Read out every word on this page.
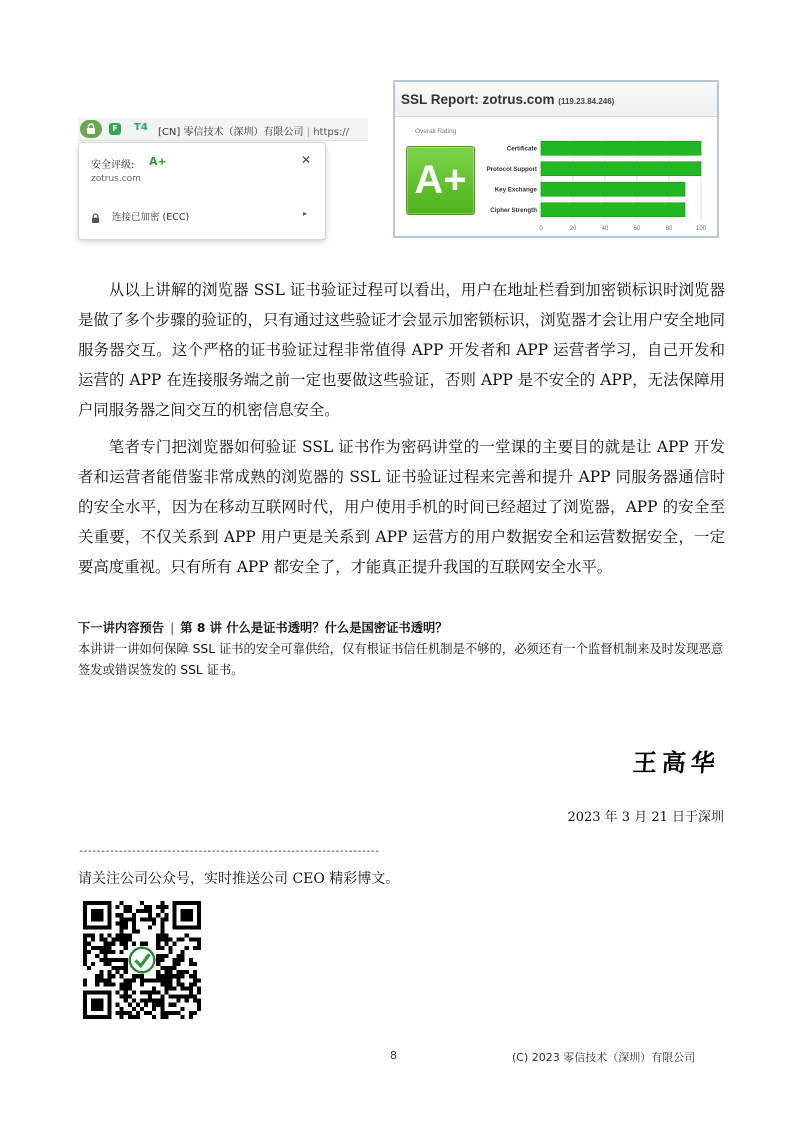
F	T4 [CN] 零信技术（深圳）有限公司 | https://
安全评级: A+
zotrus.com
✕
连接已加密 (ECC)	▸
SSL Report: zotrus.com (119.23.84.246)
Overall Rating
A+
0	20	40	60	80	100
Certificate
Protocol Support
Key Exchange
Cipher Strength

从以上讲解的浏览器 SSL 证书验证过程可以看出，用户在地址栏看到加密锁标识时浏览器是做了多个步骤的验证的，只有通过这些验证才会显示加密锁标识，浏览器才会让用户安全地同服务器交互。这个严格的证书验证过程非常值得 APP 开发者和 APP 运营者学习，自己开发和运营的 APP 在连接服务端之前一定也要做这些验证，否则 APP 是不安全的 APP，无法保障用户同服务器之间交互的机密信息安全。

笔者专门把浏览器如何验证 SSL 证书作为密码讲堂的一堂课的主要目的就是让 APP 开发者和运营者能借鉴非常成熟的浏览器的 SSL 证书验证过程来完善和提升 APP 同服务器通信时的安全水平，因为在移动互联网时代，用户使用手机的时间已经超过了浏览器，APP 的安全至关重要，不仅关系到 APP 用户更是关系到 APP 运营方的用户数据安全和运营数据安全，一定要高度重视。只有所有 APP 都安全了，才能真正提升我国的互联网安全水平。

下一讲内容预告 | 第 8 讲 什么是证书透明？什么是国密证书透明？
本讲讲一讲如何保障 SSL 证书的安全可靠供给，仅有根证书信任机制是不够的，必须还有一个监督机制来及时发现恶意签发或错误签发的 SSL 证书。
王高华
2023 年 3 月 21 日于深圳
--------------------------------------------------------------------
请关注公司公众号，实时推送公司 CEO 精彩博文。
8	(C) 2023 零信技术（深圳）有限公司
